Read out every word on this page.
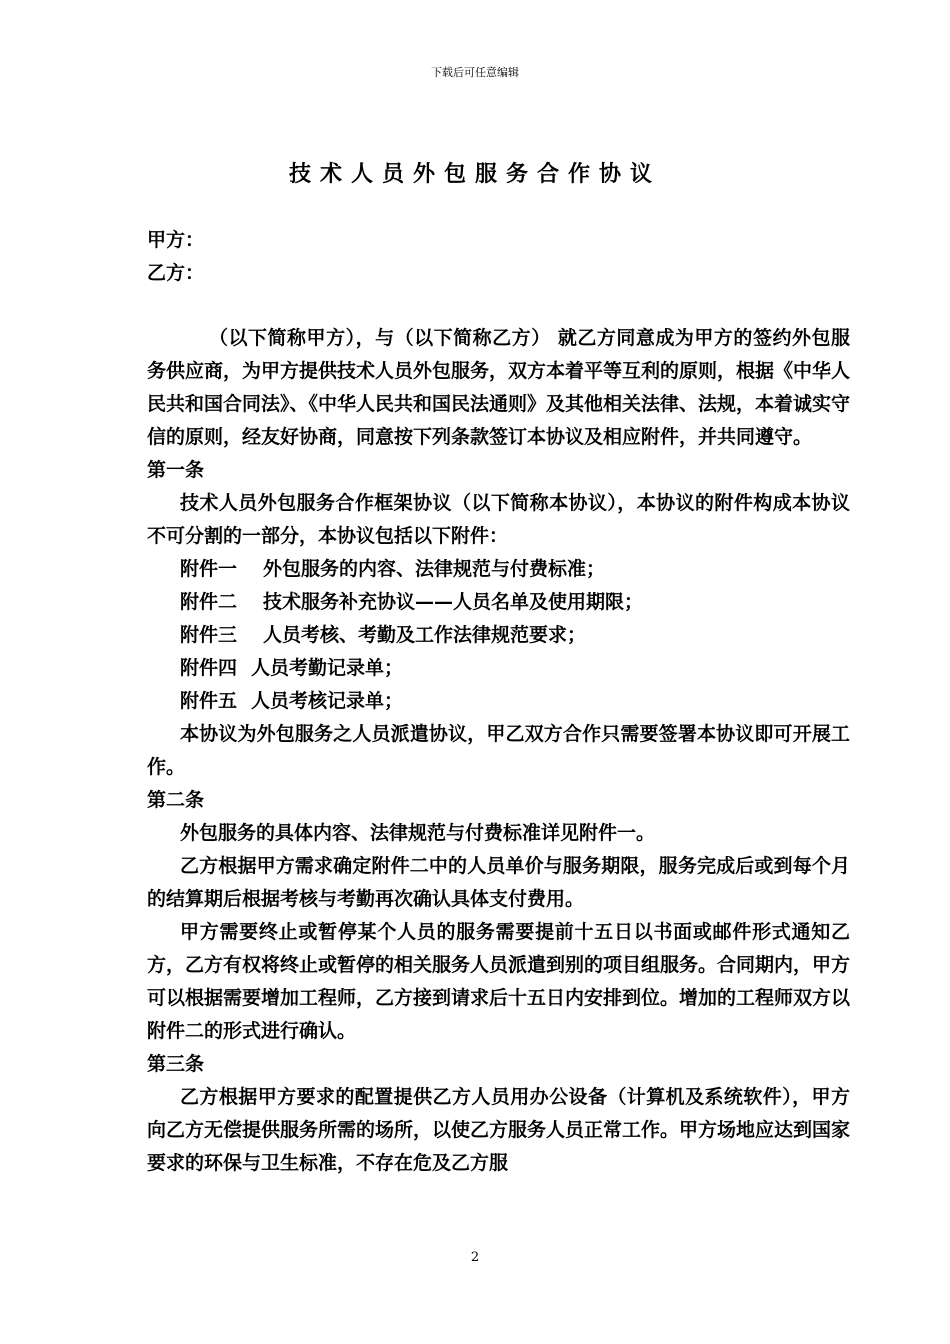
下载后可任意编辑
技术人员外包服务合作协议

甲方：

乙方：

（以下简称甲方），与（以下简称乙方） 就乙方同意成为甲方的签约外包服务供应商，为甲方提供技术人员外包服务，双方本着平等互利的原则，根据《中华人民共和国合同法》、《中华人民共和国民法通则》及其他相关法律、法规，本着诚实守信的原则，经友好协商，同意按下列条款签订本协议及相应附件，并共同遵守。

第一条

技术人员外包服务合作框架协议（以下简称本协议），本协议的附件构成本协议不可分割的一部分，本协议包括以下附件：

附件一 外包服务的内容、法律规范与付费标准；
附件二 技术服务补充协议——人员名单及使用期限；
附件三 人员考核、考勤及工作法律规范要求；
附件四 人员考勤记录单；
附件五 人员考核记录单；

本协议为外包服务之人员派遣协议，甲乙双方合作只需要签署本协议即可开展工作。

第二条

外包服务的具体内容、法律规范与付费标准详见附件一。

乙方根据甲方需求确定附件二中的人员单价与服务期限，服务完成后或到每个月的结算期后根据考核与考勤再次确认具体支付费用。

甲方需要终止或暂停某个人员的服务需要提前十五日以书面或邮件形式通知乙方，乙方有权将终止或暂停的相关服务人员派遣到别的项目组服务。合同期内，甲方可以根据需要增加工程师，乙方接到请求后十五日内安排到位。增加的工程师双方以附件二的形式进行确认。

第三条

乙方根据甲方要求的配置提供乙方人员用办公设备（计算机及系统软件），甲方向乙方无偿提供服务所需的场所，以使乙方服务人员正常工作。甲方场地应达到国家要求的环保与卫生标准，不存在危及乙方服

2
